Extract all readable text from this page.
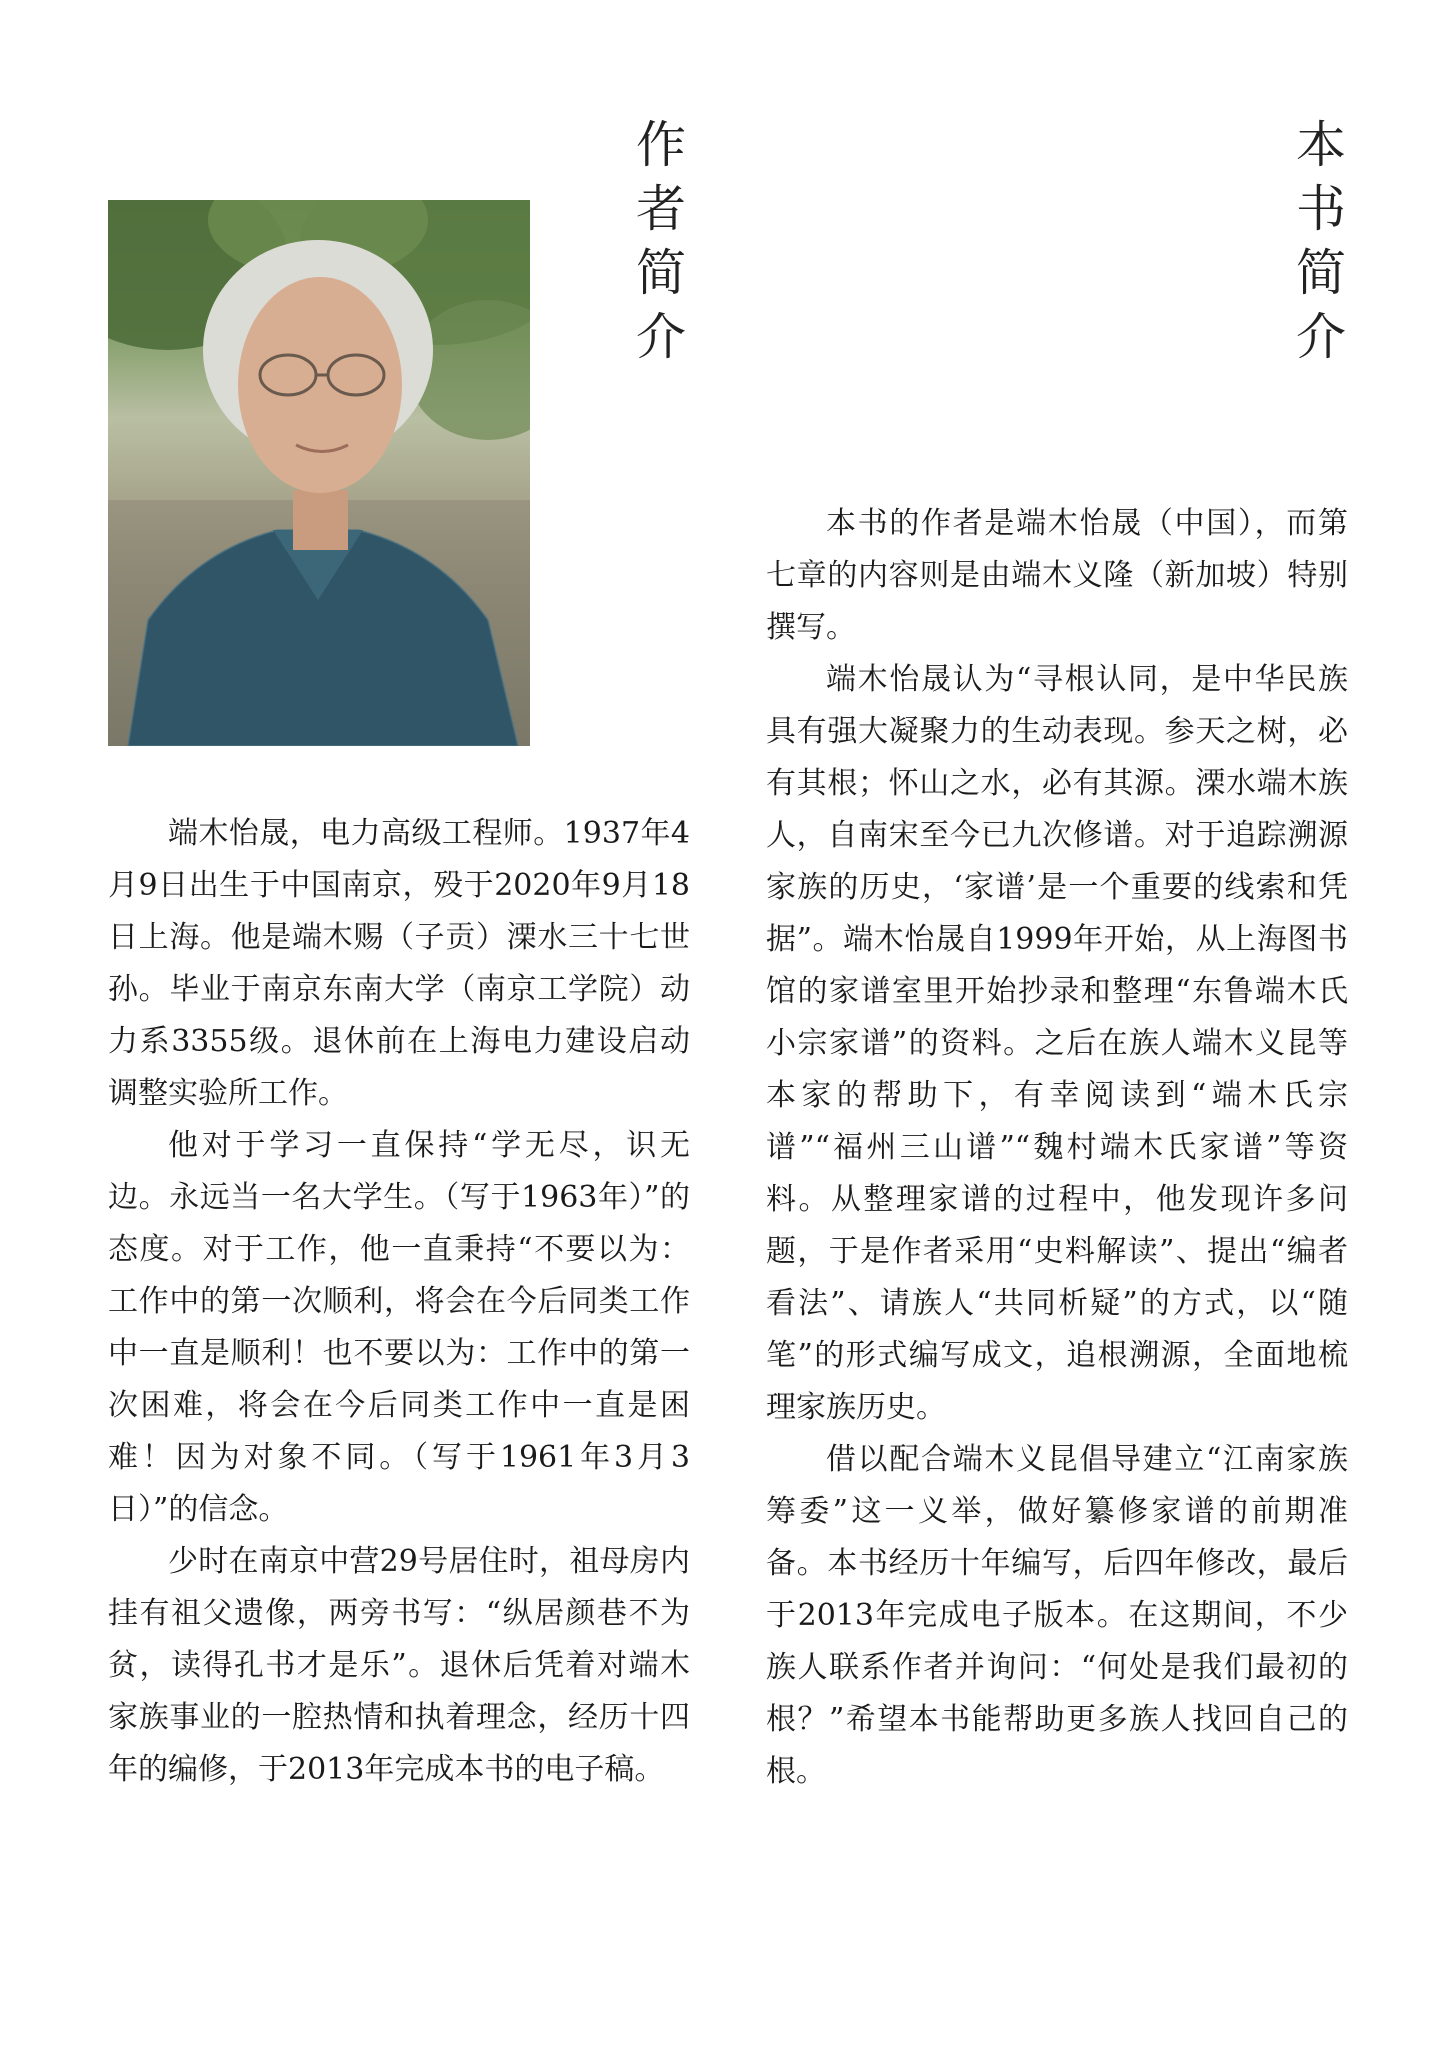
作者简介	本书简介

端木怡晟，电力高级工程师。1937年4月9日出生于中国南京，殁于2020年9月18日上海。他是端木赐（子贡）溧水三十七世孙。毕业于南京东南大学（南京工学院）动力系3355级。退休前在上海电力建设启动调整实验所工作。

他对于学习一直保持“学无尽，识无边。永远当一名大学生。（写于1963年）”的态度。对于工作，他一直秉持“不要以为：工作中的第一次顺利，将会在今后同类工作中一直是顺利！也不要以为：工作中的第一次困难，将会在今后同类工作中一直是困难！因为对象不同。（写于1961年3月3日）”的信念。

少时在南京中营29号居住时，祖母房内挂有祖父遗像，两旁书写：“纵居颜巷不为贫，读得孔书才是乐”。退休后凭着对端木家族事业的一腔热情和执着理念，经历十四年的编修，于2013年完成本书的电子稿。

本书的作者是端木怡晟（中国），而第七章的内容则是由端木义隆（新加坡）特别撰写。

端木怡晟认为“寻根认同，是中华民族具有强大凝聚力的生动表现。参天之树，必有其根；怀山之水，必有其源。溧水端木族人，自南宋至今已九次修谱。对于追踪溯源家族的历史，‘家谱’是一个重要的线索和凭据”。端木怡晟自1999年开始，从上海图书馆的家谱室里开始抄录和整理“东鲁端木氏小宗家谱”的资料。之后在族人端木义昆等本家的帮助下，有幸阅读到“端木氏宗谱”“福州三山谱”“魏村端木氏家谱”等资料。从整理家谱的过程中，他发现许多问题，于是作者采用“史料解读”、提出“编者看法”、请族人“共同析疑”的方式，以“随笔”的形式编写成文，追根溯源，全面地梳理家族历史。

借以配合端木义昆倡导建立“江南家族筹委”这一义举，做好纂修家谱的前期准备。本书经历十年编写，后四年修改，最后于2013年完成电子版本。在这期间，不少族人联系作者并询问：“何处是我们最初的根？”希望本书能帮助更多族人找回自己的根。
